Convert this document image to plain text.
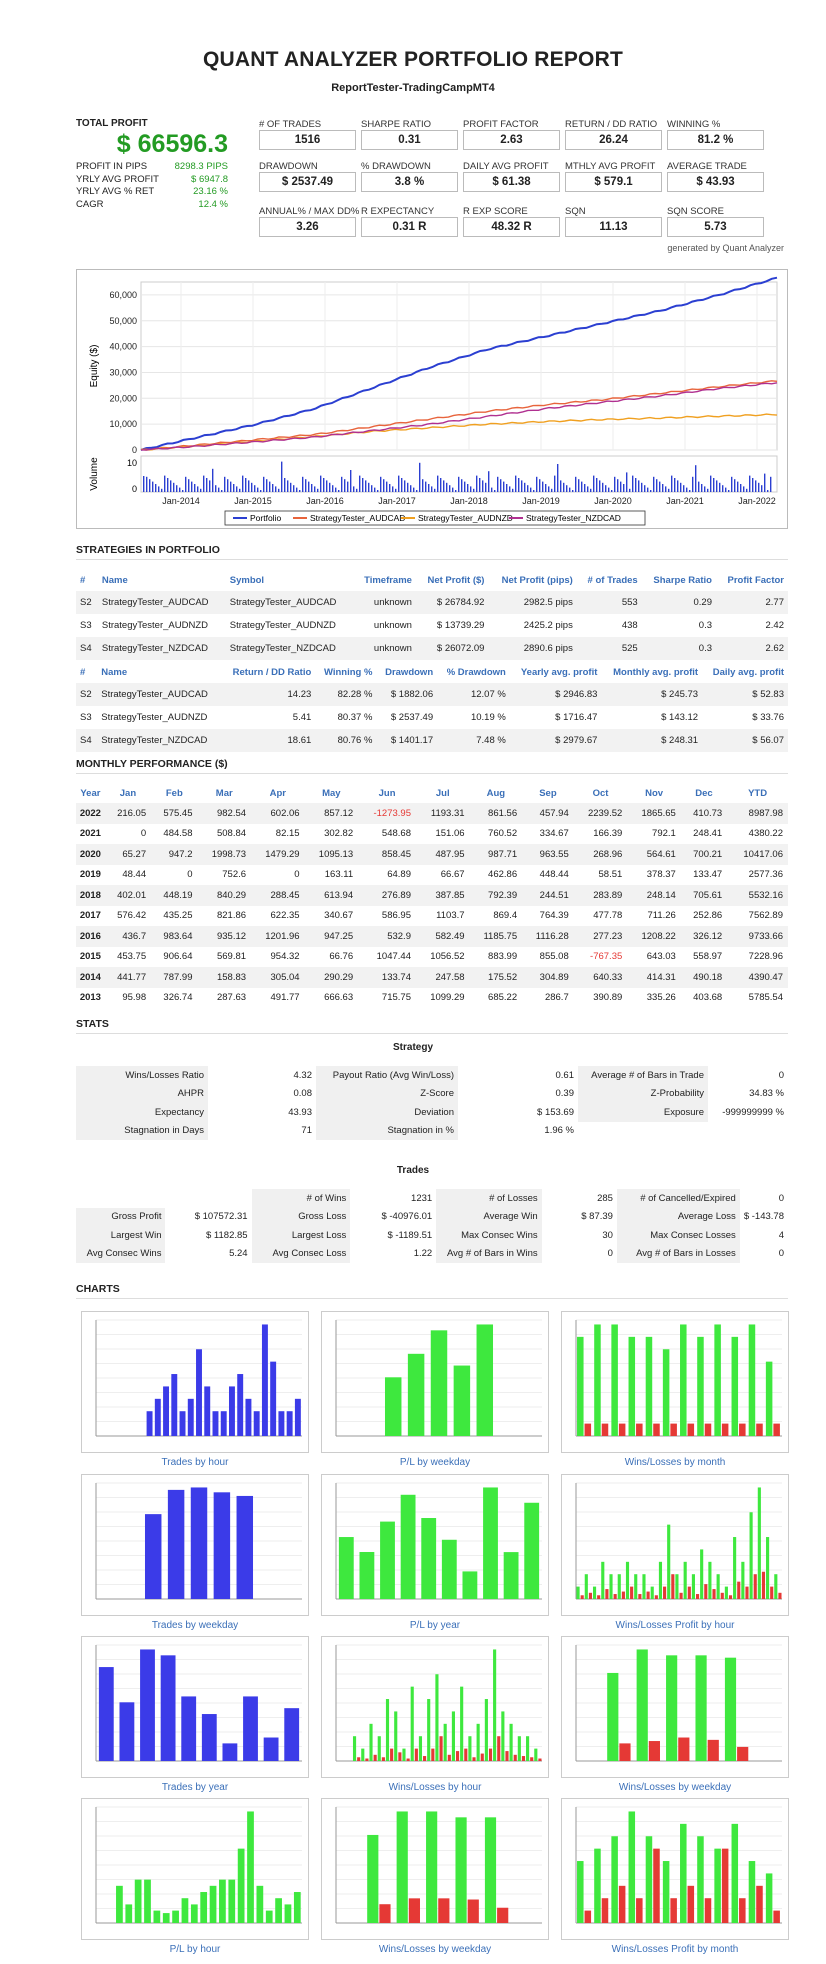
QUANT ANALYZER PORTFOLIO REPORT
ReportTester-TradingCampMT4
TOTAL PROFIT
$ 66596.3
PROFIT IN PIPS	8298.3 PIPS
YRLY AVG PROFIT	$ 6947.8
YRLY AVG % RET	23.16 %
CAGR	12.4 %
# OF TRADES
1516
SHARPE RATIO
0.31
PROFIT FACTOR
2.63
RETURN / DD RATIO
26.24
WINNING %
81.2 %
DRAWDOWN
$ 2537.49
% DRAWDOWN
3.8 %
DAILY AVG PROFIT
$ 61.38
MTHLY AVG PROFIT
$ 579.1
AVERAGE TRADE
$ 43.93
ANNUAL% / MAX DD%
3.26
R EXPECTANCY
0.31 R
R EXP SCORE
48.32 R
SQN
11.13
SQN SCORE
5.73
generated by Quant Analyzer
60,000
50,000
40,000
30,000
20,000
10,000
0
Jan-2014	Jan-2015	Jan-2016	Jan-2017	Jan-2018	Jan-2019	Jan-2020	Jan-2021	Jan-2022
Equity ($)
10
0
Volume
Portfolio	StrategyTester_AUDCAD StrategyTester_AUDNZD StrategyTester_NZDCAD
STRATEGIES IN PORTFOLIO
#	Name	Symbol	Timeframe	Net Profit ($)	Net Profit (pips)	# of Trades	Sharpe Ratio	Profit Factor
S2	StrategyTester_AUDCAD	StrategyTester_AUDCAD	unknown	$ 26784.92	2982.5 pips	553	0.29	2.77
S3	StrategyTester_AUDNZD	StrategyTester_AUDNZD	unknown	$ 13739.29	2425.2 pips	438	0.3	2.42
S4	StrategyTester_NZDCAD	StrategyTester_NZDCAD	unknown	$ 26072.09	2890.6 pips	525	0.3	2.62
#	Name	Return / DD Ratio	Winning %	Drawdown	% Drawdown	Yearly avg. profit	Monthly avg. profit	Daily avg. profit
S2	StrategyTester_AUDCAD	14.23	82.28 %	$ 1882.06	12.07 %	$ 2946.83	$ 245.73	$ 52.83
S3	StrategyTester_AUDNZD	5.41	80.37 %	$ 2537.49	10.19 %	$ 1716.47	$ 143.12	$ 33.76
S4	StrategyTester_NZDCAD	18.61	80.76 %	$ 1401.17	7.48 %	$ 2979.67	$ 248.31	$ 56.07
MONTHLY PERFORMANCE ($)
Year	Jan	Feb	Mar	Apr	May	Jun	Jul	Aug	Sep	Oct	Nov	Dec	YTD
2022	216.05	575.45	982.54	602.06	857.12	-1273.95	1193.31	861.56	457.94	2239.52	1865.65	410.73	8987.98
2021	0	484.58	508.84	82.15	302.82	548.68	151.06	760.52	334.67	166.39	792.1	248.41	4380.22
2020	65.27	947.2	1998.73	1479.29	1095.13	858.45	487.95	987.71	963.55	268.96	564.61	700.21	10417.06
2019	48.44	0	752.6	0	163.11	64.89	66.67	462.86	448.44	58.51	378.37	133.47	2577.36
2018	402.01	448.19	840.29	288.45	613.94	276.89	387.85	792.39	244.51	283.89	248.14	705.61	5532.16
2017	576.42	435.25	821.86	622.35	340.67	586.95	1103.7	869.4	764.39	477.78	711.26	252.86	7562.89
2016	436.7	983.64	935.12	1201.96	947.25	532.9	582.49	1185.75	1116.28	277.23	1208.22	326.12	9733.66
2015	453.75	906.64	569.81	954.32	66.76	1047.44	1056.52	883.99	855.08	-767.35	643.03	558.97	7228.96
2014	441.77	787.99	158.83	305.04	290.29	133.74	247.58	175.52	304.89	640.33	414.31	490.18	4390.47
2013	95.98	326.74	287.63	491.77	666.63	715.75	1099.29	685.22	286.7	390.89	335.26	403.68	5785.54
STATS
Strategy
Wins/Losses Ratio	4.32	Payout Ratio (Avg Win/Loss)	0.61	Average # of Bars in Trade	0
AHPR	0.08	Z-Score	0.39	Z-Probability	34.83 %
Expectancy	43.93	Deviation	$ 153.69	Exposure	-999999999 %
Stagnation in Days	71	Stagnation in %	1.96 %		
Trades
		# of Wins	1231	# of Losses	285	# of Cancelled/Expired	0
Gross Profit	$ 107572.31	Gross Loss	$ -40976.01	Average Win	$ 87.39	Average Loss	$ -143.78
Largest Win	$ 1182.85	Largest Loss	$ -1189.51	Max Consec Wins	30	Max Consec Losses	4
Avg Consec Wins	5.24	Avg Consec Loss	1.22	Avg # of Bars in Wins	0	Avg # of Bars in Losses	0
CHARTS
Trades by hour	P/L by weekday	Wins/Losses by month
Trades by weekday	P/L by year	Wins/Losses Profit by hour
Trades by year	Wins/Losses by hour	Wins/Losses by weekday
P/L by hour	Wins/Losses by weekday	Wins/Losses Profit by month
